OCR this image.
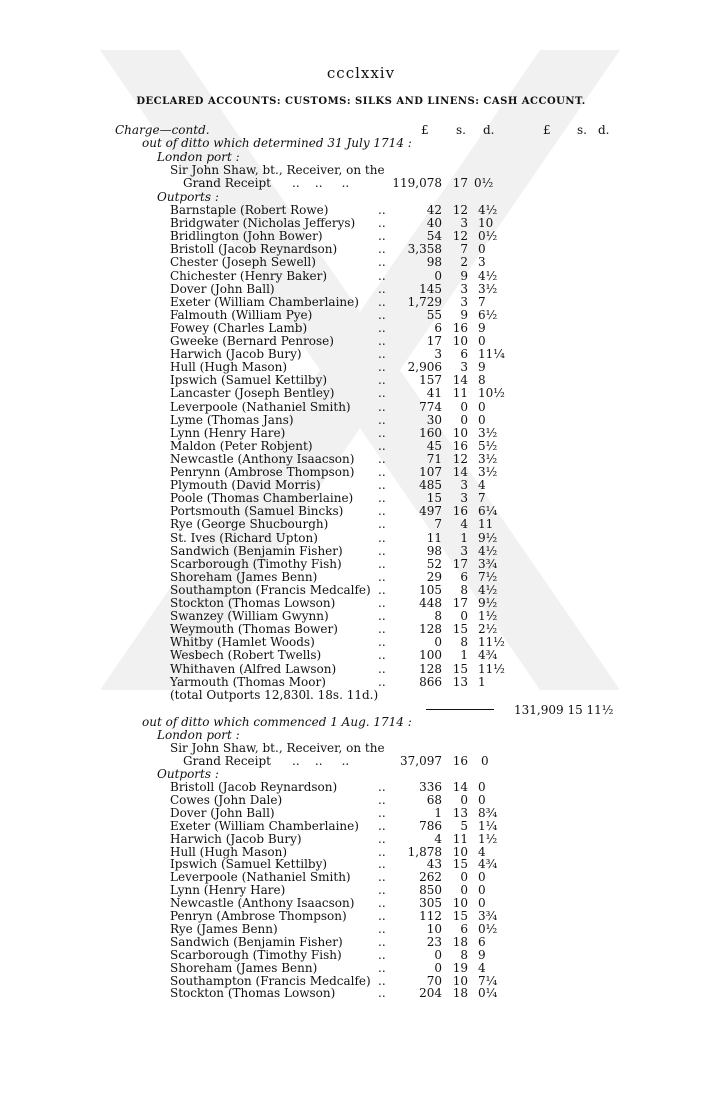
ccclxxiv
DECLARED ACCOUNTS: CUSTOMS: SILKS AND LINENS: CASH ACCOUNT.
£ s. d.	£ s. d.
Charge—contd.
out of ditto which determined 31 July 1714 :
London port :
Sir John Shaw, bt., Receiver, on the
Grand Receipt ..    ..     ..	119,078 17 0½
Outports :
Barnstaple (Robert Rowe)	..	42 12 4½
Bridgwater (Nicholas Jefferys) ..	40	3 10
Bridlington (John Bower)	..	54 12 0½
Bristoll (Jacob Reynardson)	..	3,358	7 0
Chester (Joseph Sewell)	..	98	2 3
Chichester (Henry Baker)	..	0	9 4½
Dover (John Ball)	..	145	3 3½
Exeter (William Chamberlaine) ..	1,729	3 7
Falmouth (William Pye)	..	55	9 6½
Fowey (Charles Lamb)	..	6 16 9
Gweeke (Bernard Penrose)	..	17 10 0
Harwich (Jacob Bury)	..	3	6 11¼
Hull (Hugh Mason)	..	2,906	3 9
Ipswich (Samuel Kettilby)	..	157 14 8
Lancaster (Joseph Bentley)	..	41 11 10½
Leverpoole (Nathaniel Smith) ..	774	0 0
Lyme (Thomas Jans)	..	30	0 0
Lynn (Henry Hare)	..	160 10 3½
Maldon (Peter Robjent)	..	45 16 5½
Newcastle (Anthony Isaacson) ..	71 12 3½
Penrynn (Ambrose Thompson) ..	107 14 3½
Plymouth (David Morris)	..	485	3 4
Poole (Thomas Chamberlaine) ..	15	3 7
Portsmouth (Samuel Bincks)	..	497 16 6¼
Rye (George Shucbourgh)	..	7	4 11
St. Ives (Richard Upton)	..	11	1 9½
Sandwich (Benjamin Fisher)	..	98	3 4½
Scarborough (Timothy Fish)	..	52 17 3¾
Shoreham (James Benn)	..	29	6 7½
Southampton (Francis Medcalfe) ..	105	8 4½
Stockton (Thomas Lowson)	..	448 17 9½
Swanzey (William Gwynn)	..	8	0 1½
Weymouth (Thomas Bower)	..	128 15 2½
Whitby (Hamlet Woods)	..	0	8 11½
Wesbech (Robert Twells)	..	100	1 4¾
Whithaven (Alfred Lawson)	..	128 15 11½
Yarmouth (Thomas Moor)	..	866 13 1
(total Outports 12,830l. 18s. 11d.)
131,909 15 11½
out of ditto which commenced 1 Aug. 1714 :
London port :
Sir John Shaw, bt., Receiver, on the
Grand Receipt ..    ..     ..	37,097 16 0
Outports :
Bristoll (Jacob Reynardson)	..	336 14 0
Cowes (John Dale)	..	68	0 0
Dover (John Ball)	..	1 13 8¾
Exeter (William Chamberlaine) ..	786	5 1¼
Harwich (Jacob Bury)	..	4 11 1½
Hull (Hugh Mason)	..	1,878 10 4
Ipswich (Samuel Kettilby)	..	43 15 4¾
Leverpoole (Nathaniel Smith) ..	262	0 0
Lynn (Henry Hare)	..	850	0 0
Newcastle (Anthony Isaacson) ..	305 10 0
Penryn (Ambrose Thompson)	..	112 15 3¾
Rye (James Benn)	..	10	6 0½
Sandwich (Benjamin Fisher)	..	23 18 6
Scarborough (Timothy Fish)	..	0	8 9
Shoreham (James Benn)	..	0 19 4
Southampton (Francis Medcalfe) ..	70 10 7¼
Stockton (Thomas Lowson)	..	204 18 0¼
